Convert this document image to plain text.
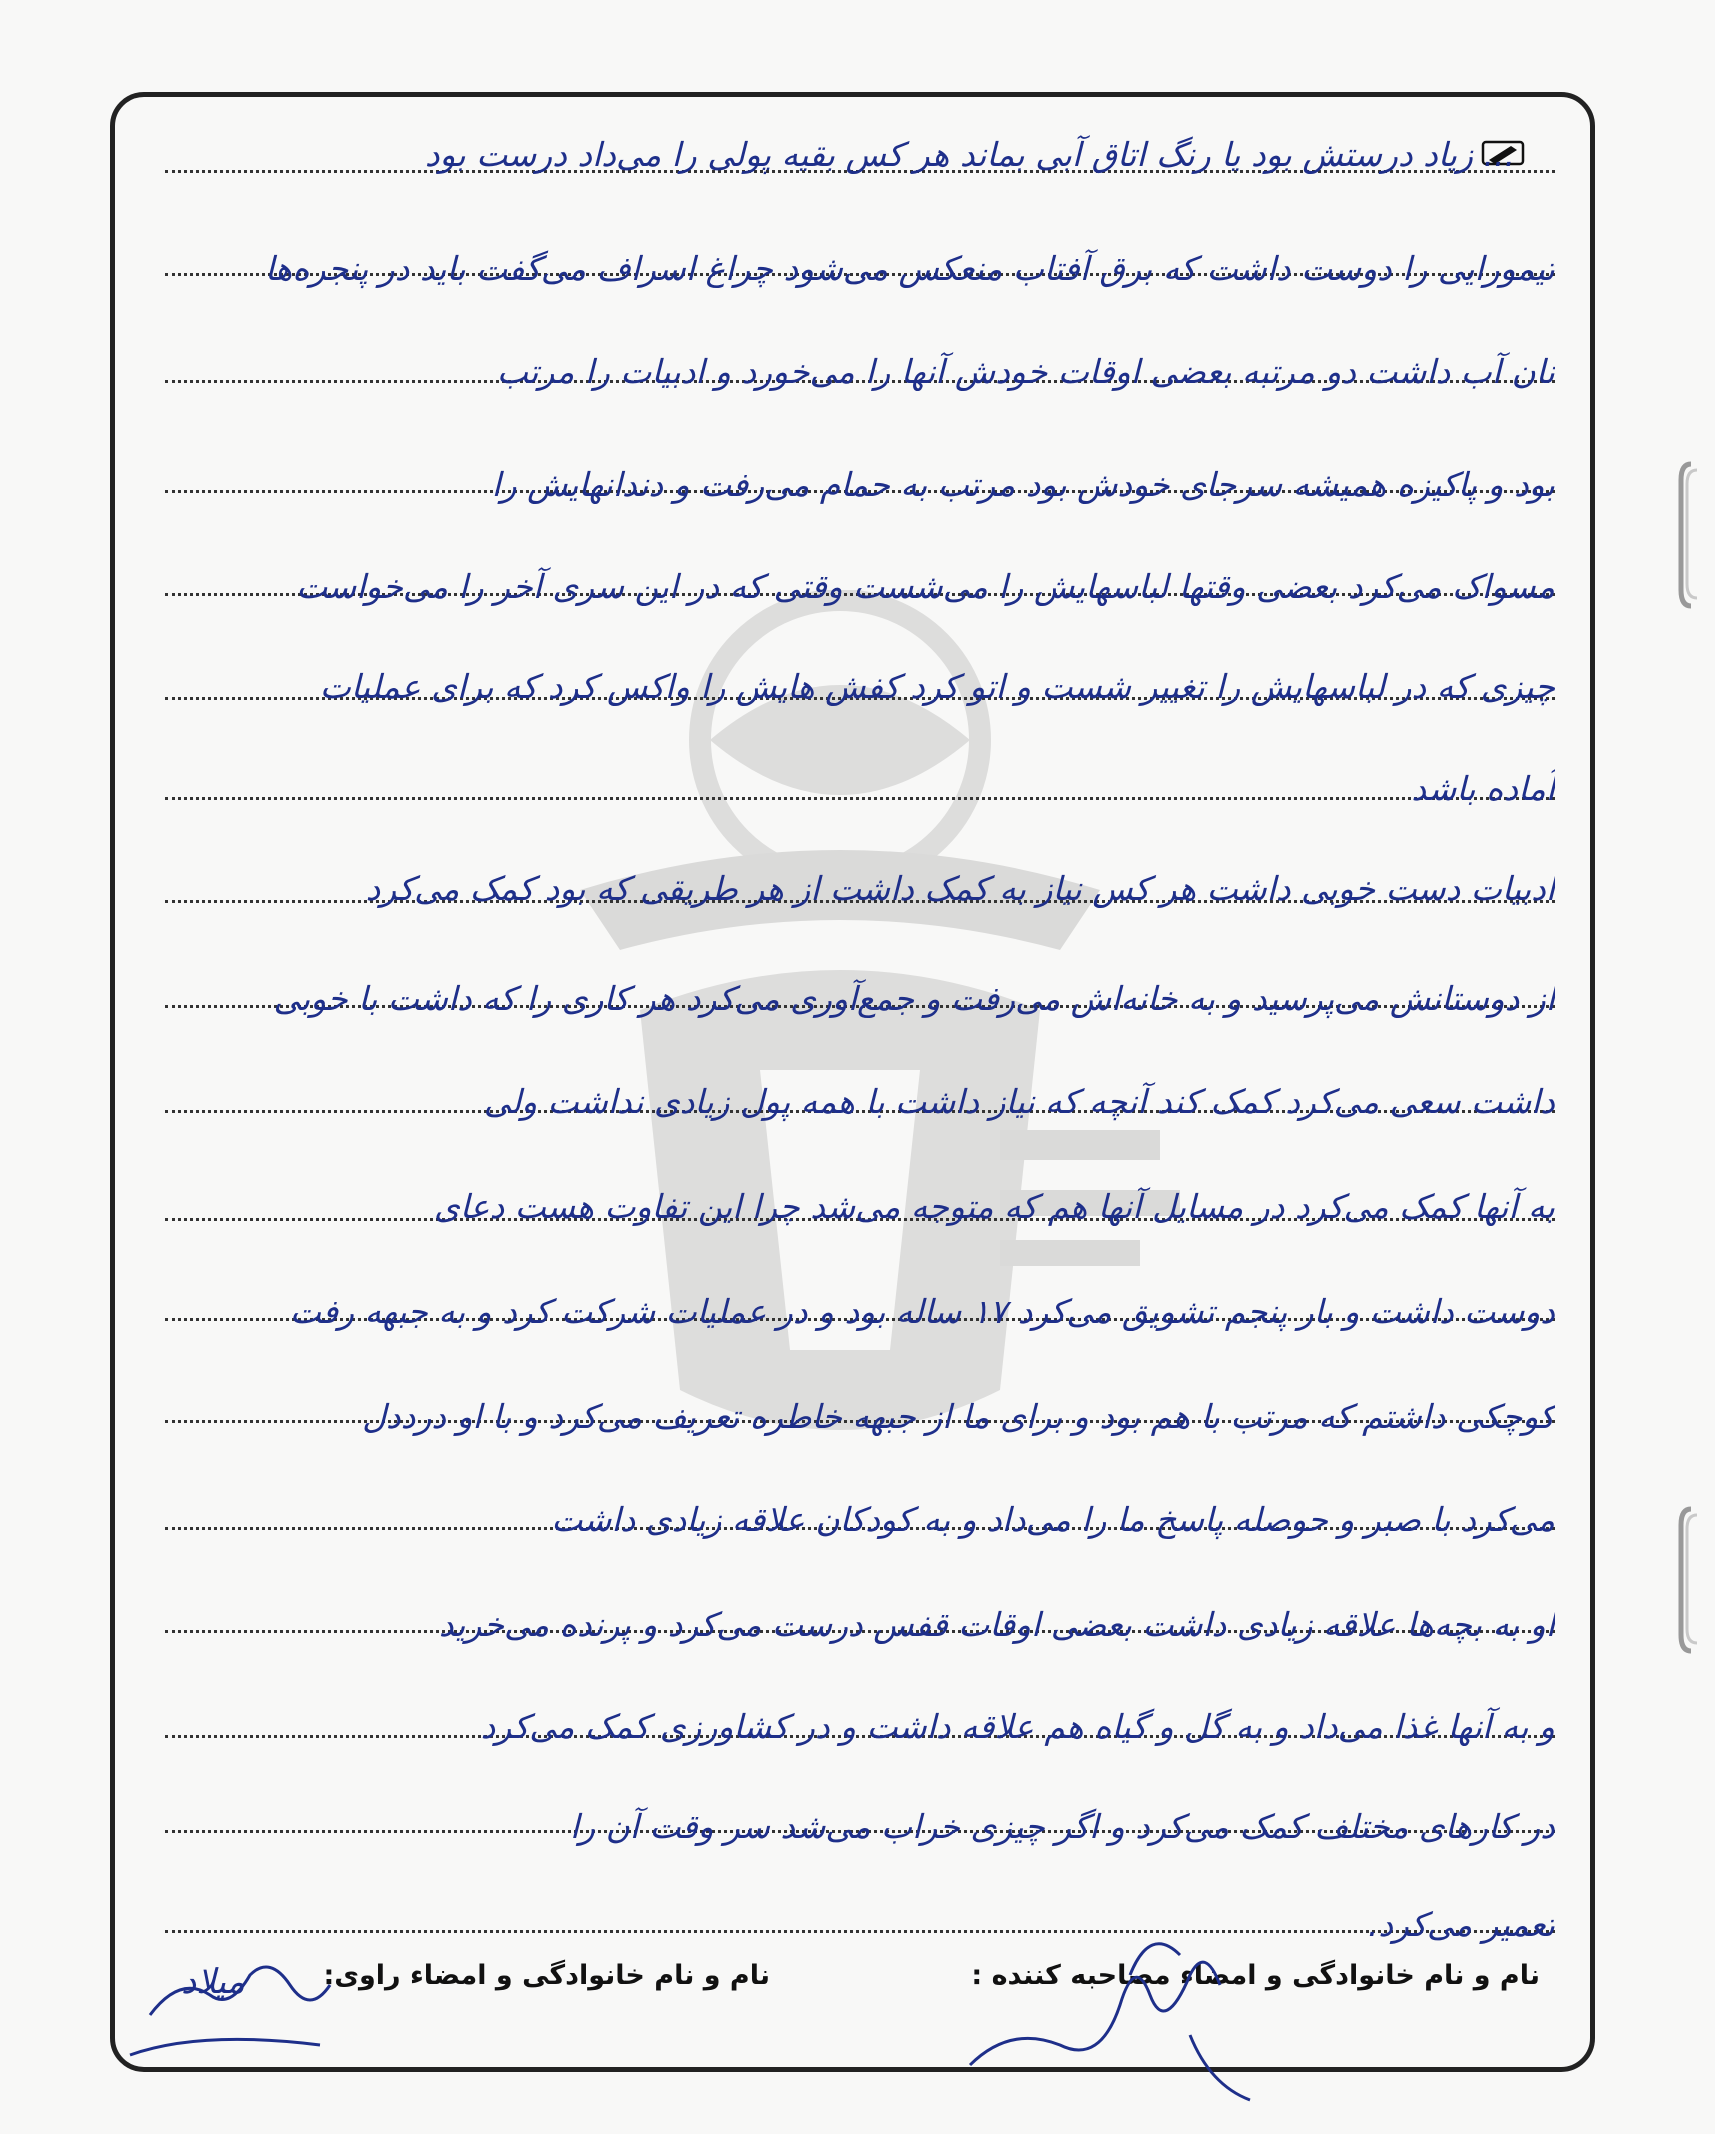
... زیاد درستش بود یا رنگ اتاق آبی بماند هر کس بقیه پولی را می‌داد درست بود
تیمورایی را دوست داشت که برق آفتاب منعکس می‌شود چراغ اسراف می‌گفت باید در پنجره‌ها
نان آب داشت دو مرتبه بعضی اوقات خودش آنها را می‌خورد و ادبیات را مرتب
بود و پاکیزه همیشه سرجای خودش بود مرتب به حمام می‌رفت و دندانهایش را
مسواک می‌کرد بعضی وقتها لباسهایش را می‌شست وقتی که در این سری آخر را می‌خواست
چیزی که در لباسهایش را تغییر شست و اتو کرد کفش هایش را واکس کرد که برای عملیات
آماده باشد
ادبیات دست خوبی داشت هر کس نیاز به کمک داشت از هر طریقی که بود کمک می‌کرد
از دوستانش می‌پرسید و به خانه‌اش می‌رفت و جمع‌آوری می‌کرد هر کاری را که داشت با خوبی
داشت سعی می‌کرد کمک کند آنچه که نیاز داشت با همه پول زیادی نداشت ولی
به آنها کمک می‌کرد در مسایل آنها هم که متوجه می‌شد چرا این تفاوت هست دعای
دوست داشت و بار پنجم تشویق می‌کرد ۱۷ ساله بود و در عملیات شرکت کرد و به جبهه رفت
کوچکی داشتم که مرتب با هم بود و برای ما از جبهه خاطره تعریف می‌کرد و با او درددل
می‌کرد با صبر و حوصله پاسخ ما را می‌داد و به کودکان علاقه زیادی داشت
او به بچه‌ها علاقه زیادی داشت بعضی اوقات قفس درست می‌کرد و پرنده می‌خرید
و به آنها غذا می‌داد و به گل و گیاه هم علاقه داشت و در کشاورزی کمک می‌کرد
در کارهای مختلف کمک می‌کرد و اگر چیزی خراب می‌شد سر وقت آن را
تعمیر می‌کرد.
نام و نام خانوادگی و امضاء مصاحبه کننده :
نام و نام خانوادگی و امضاء راوی:
میلاد
